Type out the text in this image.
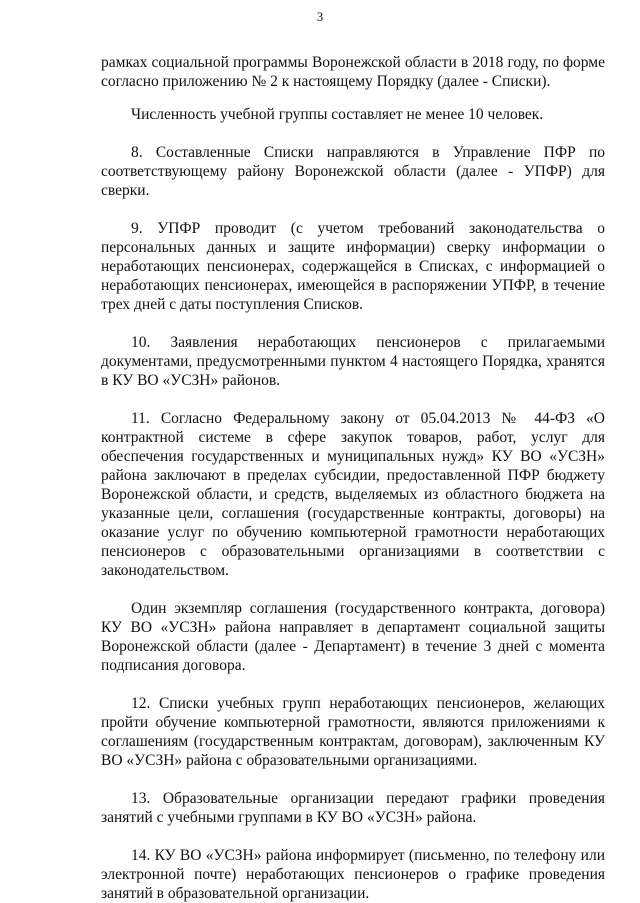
3

рамках социальной программы Воронежской области в 2018 году, по форме согласно приложению № 2 к настоящему Порядку (далее - Списки).

Численность учебной группы составляет не менее 10 человек.

8. Составленные Списки направляются в Управление ПФР по соответствующему району Воронежской области (далее - УПФР) для сверки.

9. УПФР проводит (с учетом требований законодательства о персональных данных и защите информации) сверку информации о неработающих пенсионерах, содержащейся в Списках, с информацией о неработающих пенсионерах, имеющейся в распоряжении УПФР, в течение трех дней с даты поступления Списков.

10. Заявления неработающих пенсионеров с прилагаемыми документами, предусмотренными пунктом 4 настоящего Порядка, хранятся в КУ ВО «УСЗН» районов.

11. Согласно Федеральному закону от 05.04.2013 № 44-ФЗ «О контрактной системе в сфере закупок товаров, работ, услуг для обеспечения государственных и муниципальных нужд» КУ ВО «УСЗН» района заключают в пределах субсидии, предоставленной ПФР бюджету Воронежской области, и средств, выделяемых из областного бюджета на указанные цели, соглашения (государственные контракты, договоры) на оказание услуг по обучению компьютерной грамотности неработающих пенсионеров с образовательными организациями в соответствии с законодательством.

Один экземпляр соглашения (государственного контракта, договора) КУ ВО «УСЗН» района направляет в департамент социальной защиты Воронежской области (далее - Департамент) в течение 3 дней с момента подписания договора.

12. Списки учебных групп неработающих пенсионеров, желающих пройти обучение компьютерной грамотности, являются приложениями к соглашениям (государственным контрактам, договорам), заключенным КУ ВО «УСЗН» района с образовательными организациями.

13. Образовательные организации передают графики проведения занятий с учебными группами в КУ ВО «УСЗН» района.

14. КУ ВО «УСЗН» района информирует (письменно, по телефону или электронной почте) неработающих пенсионеров о графике проведения занятий в образовательной организации.
